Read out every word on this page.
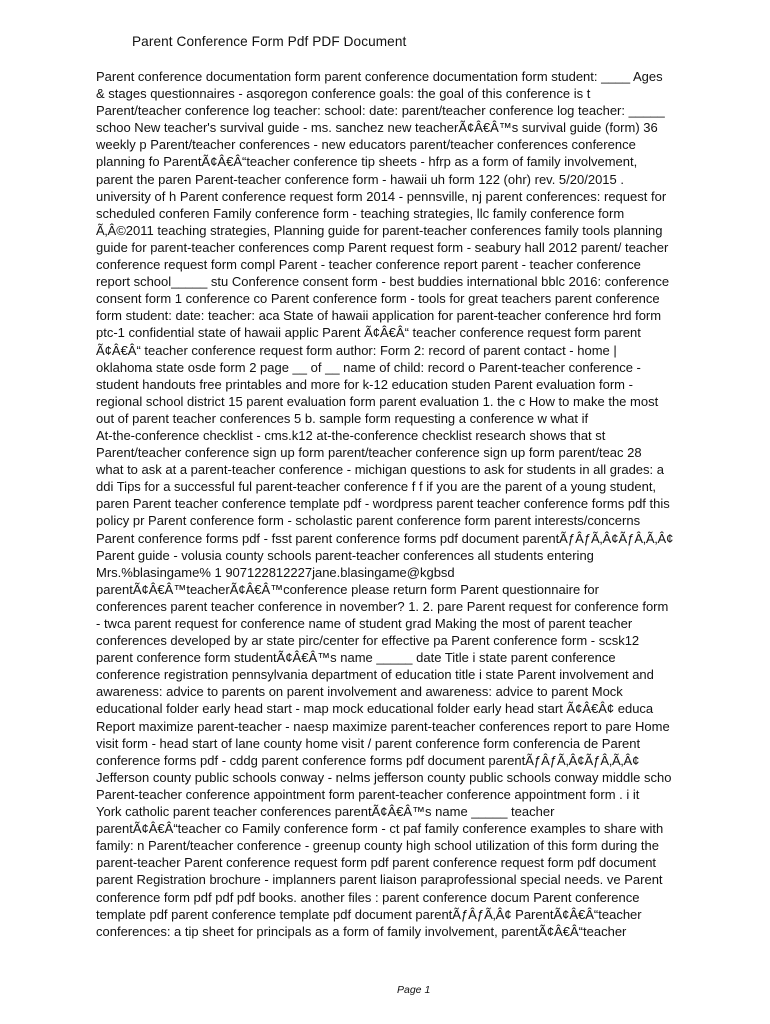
Parent Conference Form Pdf PDF Document
Parent conference documentation form parent conference documentation form student: ____ Ages
& stages questionnaires - asqoregon conference goals: the goal of this conference is t
Parent/teacher conference log teacher: school: date: parent/teacher conference log teacher: _____
schoo New teacher's survival guide - ms. sanchez new teacherÃ¢Â€Â™s survival guide (form) 36
weekly p Parent/teacher conferences - new educators parent/teacher conferences conference
planning fo ParentÃ¢Â€Â“teacher conference tip sheets - hfrp as a form of family involvement,
parent the paren Parent-teacher conference form - hawaii uh form 122 (ohr) rev. 5/20/2015 .
university of h Parent conference request form 2014 - pennsville, nj parent conferences: request for
scheduled conferen Family conference form - teaching strategies, llc family conference form
Ã‚Â©2011 teaching strategies, Planning guide for parent-teacher conferences family tools planning
guide for parent-teacher conferences comp Parent request form - seabury hall 2012 parent/ teacher
conference request form compl Parent - teacher conference report parent - teacher conference
report school_____ stu Conference consent form - best buddies international bblc 2016: conference
consent form 1 conference co Parent conference form - tools for great teachers parent conference
form student: date: teacher: aca State of hawaii application for parent-teacher conference hrd form
ptc-1 confidential state of hawaii applic Parent Ã¢Â€Â“ teacher conference request form parent
Ã¢Â€Â“ teacher conference request form author: Form 2: record of parent contact - home |
oklahoma state osde form 2 page __ of __ name of child: record o Parent-teacher conference -
student handouts free printables and more for k-12 education studen Parent evaluation form -
regional school district 15 parent evaluation form parent evaluation 1. the c How to make the most
out of parent teacher conferences 5 b. sample form requesting a conference w what if
At-the-conference checklist - cms.k12 at-the-conference checklist research shows that st
Parent/teacher conference sign up form parent/teacher conference sign up form parent/teac 28
what to ask at a parent-teacher conference - michigan questions to ask for students in all grades: a
ddi Tips for a successful ful parent-teacher conference f f if you are the parent of a young student,
paren Parent teacher conference template pdf - wordpress parent teacher conference forms pdf this
policy pr Parent conference form - scholastic parent conference form parent interests/concerns
Parent conference forms pdf - fsst parent conference forms pdf document parentÃƒÂƒÃ‚Â¢ÃƒÂ‚Ã‚Â¢
Parent guide - volusia county schools parent-teacher conferences all students entering
Mrs.%blasingame% 1 907122812227jane.blasingame@kgbsd
parentÃ¢Â€Â™teacherÃ¢Â€Â™conference please return form Parent questionnaire for
conferences parent teacher conference in november? 1. 2. pare Parent request for conference form
- twca parent request for conference name of student grad Making the most of parent teacher
conferences developed by ar state pirc/center for effective pa Parent conference form - scsk12
parent conference form studentÃ¢Â€Â™s name _____ date Title i state parent conference
conference registration pennsylvania department of education title i state Parent involvement and
awareness: advice to parents on parent involvement and awareness: advice to parent Mock
educational folder early head start - map mock educational folder early head start Ã¢Â€Â¢ educa
Report maximize parent-teacher - naesp maximize parent-teacher conferences report to pare Home
visit form - head start of lane county home visit / parent conference form conferencia de Parent
conference forms pdf - cddg parent conference forms pdf document parentÃƒÂƒÃ‚Â¢ÃƒÂ‚Ã‚Â¢
Jefferson county public schools conway - nelms jefferson county public schools conway middle scho
Parent-teacher conference appointment form parent-teacher conference appointment form . i it
York catholic parent teacher conferences parentÃ¢Â€Â™s name _____ teacher
parentÃ¢Â€Â“teacher co Family conference form - ct paf family conference examples to share with
family: n Parent/teacher conference - greenup county high school utilization of this form during the
parent-teacher Parent conference request form pdf parent conference request form pdf document
parent Registration brochure - implanners parent liaison paraprofessional special needs. ve Parent
conference form pdf pdf pdf books. another files : parent conference docum Parent conference
template pdf parent conference template pdf document parentÃƒÂƒÃ‚Â¢ ParentÃ¢Â€Â“teacher
conferences: a tip sheet for principals as a form of family involvement, parentÃ¢Â€Â“teacher
Page 1
